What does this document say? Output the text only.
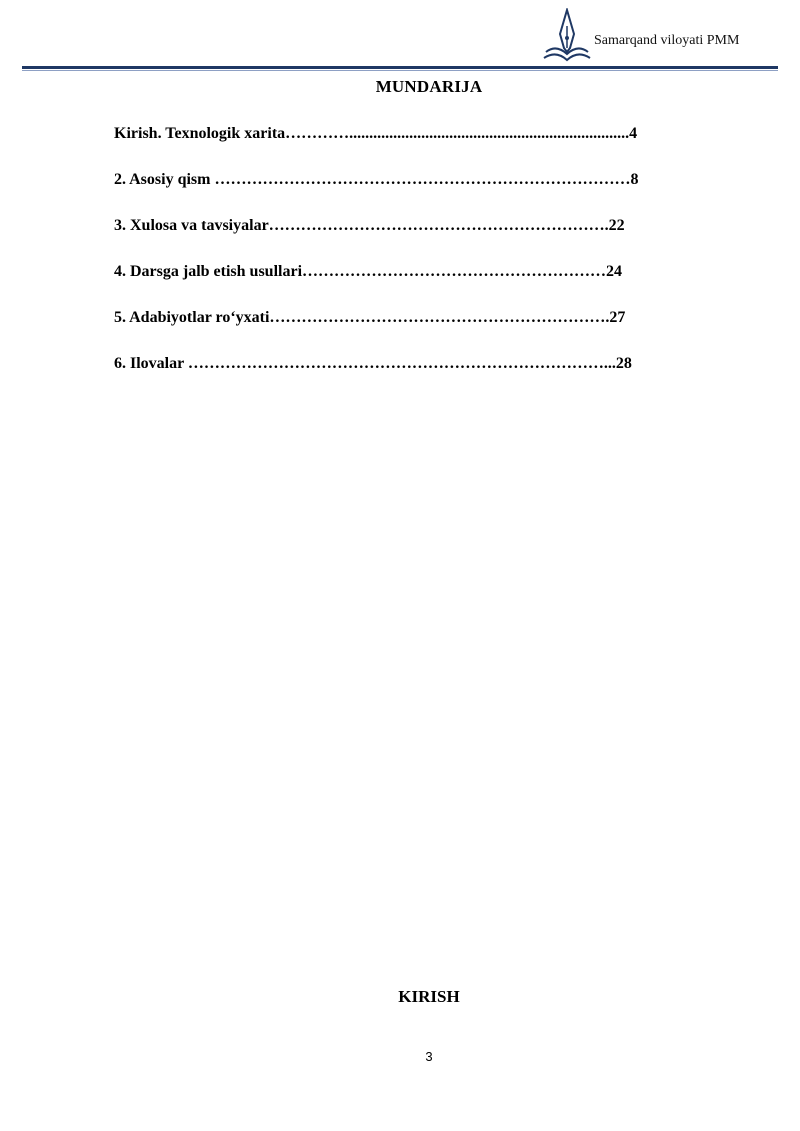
Samarqand viloyati PMM
MUNDARIJA
Kirish. Texnologik xarita…………......................................................................4
2. Asosiy qism ……………………………………………………………………8
3. Xulosa va tavsiyalar……………………………………………………….22
4. Darsga jalb etish usullari…………………………………………………24
5. Adabiyotlar ro‘yxati……………………………………………………….27
6. Ilovalar ……………………………………………………………………...28
KIRISH
3
